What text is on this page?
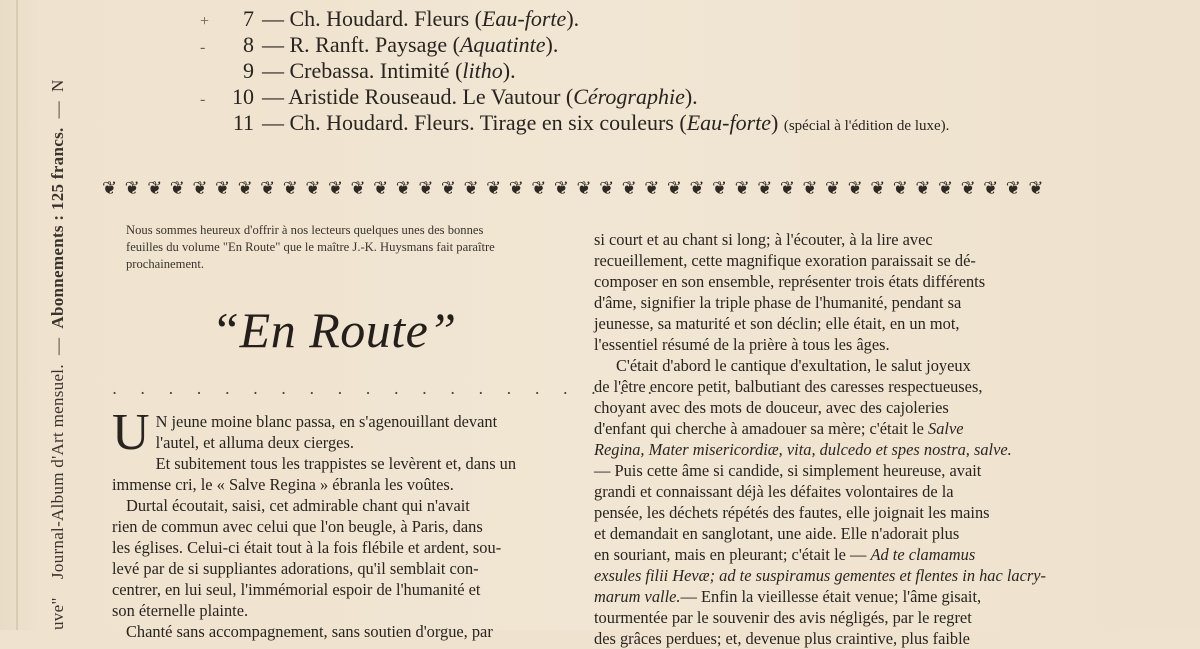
uve"    Journal-Album d'Art mensuel.  —  Abonnements : 125 francs.  —  N
+ 7 — Ch. Houdard. Fleurs (Eau-forte).
- 8 — R. Ranft. Paysage (Aquatinte).
9 — Crebassa. Intimité (litho).
- 10 — Aristide Rouseaud. Le Vautour (Cérographie).
11 — Ch. Houdard. Fleurs. Tirage en six couleurs (Eau-forte) (spécial à l'édition de luxe).
❦ ❦ ❦ ❦ ❦ ❦ ❦ ❦ ❦ ❦ ❦ ❦ ❦ ❦ ❦ ❦ ❦ ❦ ❦ ❦ ❦ ❦ ❦ ❦ ❦ ❦ ❦ ❦ ❦ ❦ ❦ ❦ ❦ ❦ ❦ ❦ ❦ ❦ ❦ ❦ ❦ ❦
Nous sommes heureux d'offrir à nos lecteurs quelques unes des bonnes
feuilles du volume "En Route" que le maître J.-K. Huysmans fait paraître
prochainement.
“En Route”
. . . . . . . . . . . . . . . . . . . .
U N jeune moine blanc passa, en s'agenouillant devant
l'autel, et alluma deux cierges.
Et subitement tous les trappistes se levèrent et, dans un
immense cri, le « Salve Regina » ébranla les voûtes.
Durtal écoutait, saisi, cet admirable chant qui n'avait
rien de commun avec celui que l'on beugle, à Paris, dans
les églises. Celui-ci était tout à la fois flébile et ardent, sou-
levé par de si suppliantes adorations, qu'il semblait con-
centrer, en lui seul, l'immémorial espoir de l'humanité et
son éternelle plainte.
Chanté sans accompagnement, sans soutien d'orgue, par
si court et au chant si long; à l'écouter, à la lire avec
recueillement, cette magnifique exoration paraissait se dé-
composer en son ensemble, représenter trois états différents
d'âme, signifier la triple phase de l'humanité, pendant sa
jeunesse, sa maturité et son déclin; elle était, en un mot,
l'essentiel résumé de la prière à tous les âges.
C'était d'abord le cantique d'exultation, le salut joyeux
de l'être encore petit, balbutiant des caresses respectueuses,
choyant avec des mots de douceur, avec des cajoleries
d'enfant qui cherche à amadouer sa mère; c'était le Salve
Regina, Mater misericordiæ, vita, dulcedo et spes nostra, salve.
— Puis cette âme si candide, si simplement heureuse, avait
grandi et connaissant déjà les défaites volontaires de la
pensée, les déchets répétés des fautes, elle joignait les mains
et demandait en sanglotant, une aide. Elle n'adorait plus
en souriant, mais en pleurant; c'était le — Ad te clamamus
exsules filii Hevæ; ad te suspiramus gementes et flentes in hac lacry-
marum valle.— Enfin la vieillesse était venue; l'âme gisait,
tourmentée par le souvenir des avis négligés, par le regret
des grâces perdues; et, devenue plus craintive, plus faible
